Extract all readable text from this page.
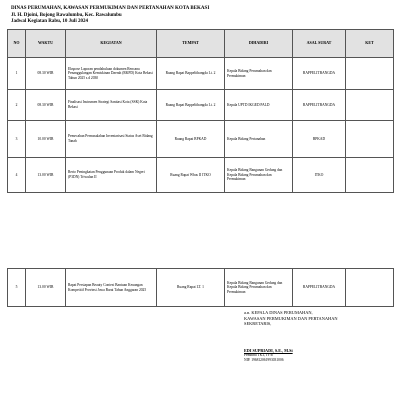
DINAS PERUMAHAN, KAWASAN PERMUKIMAN DAN PERTANAHAN KOTA BEKASI
Jl. H. Djoini, Bojong Rawalumbu, Kec. Rawalumbu
Jadwal Kegiatan Rabu, 10 Juli 2024
NO	WAKTU	KEGIATAN	TEMPAT	DIHADIRI	ASAL SURAT	KET
1	08.30 WIB	Ekspose Laporan pendahuluan dokumen Rencana Penanggulangan Kemiskinan Daerah (RKPD) Kota Bekasi Tahun 2025 s.d 2030	Ruang Rapat Bappelitbangda Lt. 2	Kepala Bidang Perumahan dan Permukiman	BAPPELITBANGDA	
2	08.30 WIB	Finalisasi Instrumen Strategi Sanitasi Kota (SSK) Kota Bekasi	Ruang Rapat Bappelitbangda Lt. 2	Kepala UPTD IKGED PALD	BAPPELITBANGDA	
3	10.00 WIB	Pemecahan Permasalahan Inventarisasi Status Aset Bidang Tanah	Ruang Rapat BPKAD	Kepala Bidang Pertanahan	BPKAD	
4	13.00 WIB	Rerio Peningkatan Penggunaan Produk dalam Negeri (P3DN) Triwulan II	Ruang Rapat Wbas II ITKO	Kepala Bidang Bangunan Gedung dan Kepala Bidang Perumahan dan Permukiman	ITKO	
5	13.00 WIB	Rapat Persiapan Beauty Contest Bantuan Keuangan Kompetitif Provinsi Jawa Barat Tahun Anggaran 2025	Ruang Rapat LT. 1	Kepala Bidang Bangunan Gedung dan Kepala Bidang Perumahan dan Permukiman	BAPPELITBANGDA	
a.n. KEPALA DINAS PERUMAHAN,
KAWASAN PERMUKIMAN DAN PERTANAHAN
SEKRETARIS,
EDI SUPRIADI, S.E., M.Si
Pembina TK.I, IV/b
NIP. 196812061993031006
